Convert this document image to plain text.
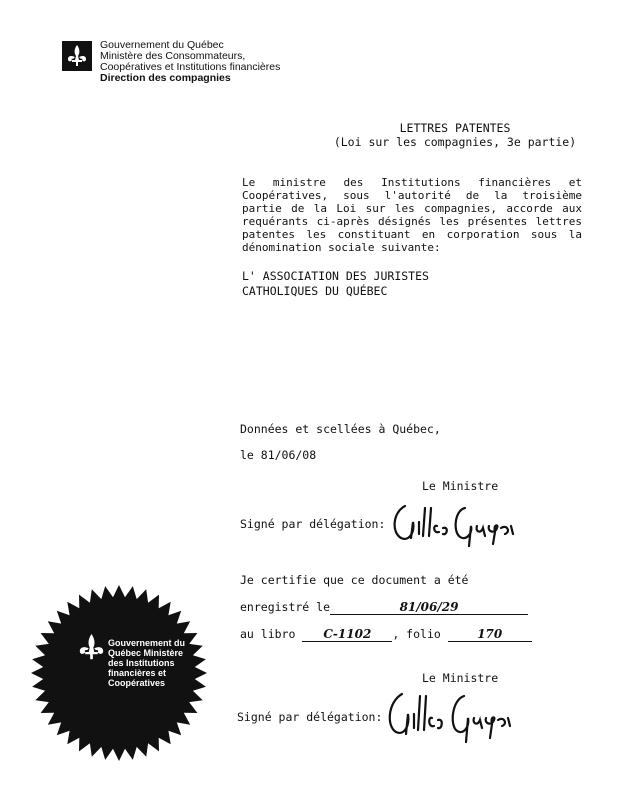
Gouvernement du Québec
Ministère des Consommateurs,
Coopératives et Institutions financières
Direction des compagnies
LETTRES PATENTES
(Loi sur les compagnies, 3e partie)
Le ministre des Institutions financières et Coopératives, sous l'autorité de la troisième partie de la Loi sur les compagnies, accorde aux requérants ci-après désignés les présentes lettres patentes les constituant en corporation sous la dénomination sociale suivante:
L' ASSOCIATION DES JURISTES
CATHOLIQUES DU QUÉBEC
Données et scellées à Québec,
le 81/06/08
Le Ministre
Signé par délégation:
Je certifie que ce document a été
enregistré le	81/06/29
au libro C-1102 , folio	170
Le Ministre
Signé par délégation:
Gouvernement du Québec Ministère des Institutions financières et Coopératives
